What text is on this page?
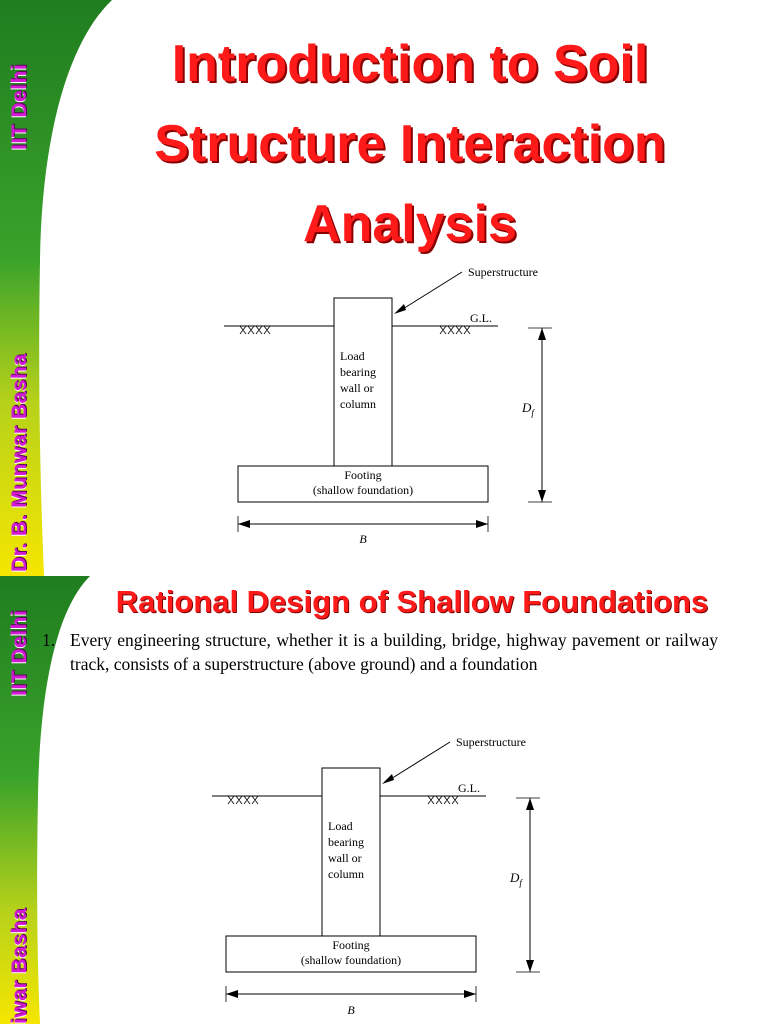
IIT Delhi
Dr. B. Munwar Basha
Introduction to Soil
Structure Interaction
Analysis
Superstructure
G.L.
Load
bearing
wall or
column
Footing
(shallow foundation)
$D_f$
B
IIT Delhi
iwar Basha
Rational Design of Shallow Foundations
1. Every engineering structure, whether it is a building, bridge, highway pavement or railway track, consists of a superstructure (above ground) and a foundation
Superstructure
G.L.
Load
bearing
wall or
column
Footing
(shallow foundation)
$D_f$
B
